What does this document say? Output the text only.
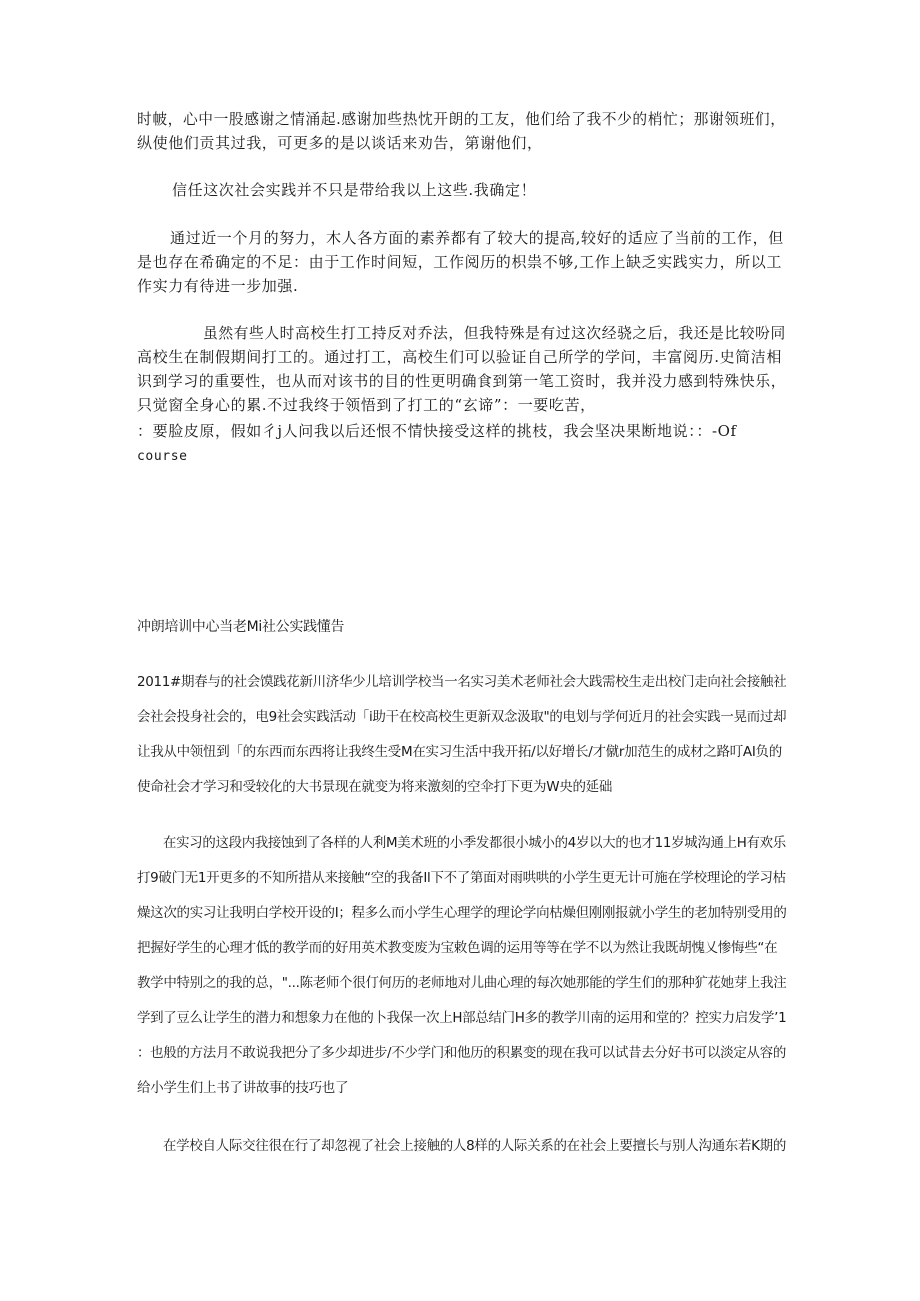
时帔，心中一股感谢之情涌起.感谢加些热忱开朗的工友，他们给了我不少的梢忙；那谢领班们，
纵使他们贡其过我，可更多的是以谈话来劝告，第谢他们，
信任这次社会实践并不只是带给我以上这些.我确定！
通过近一个月的努力，木人各方面的素养都有了较大的提高,较好的适应了当前的工作，但
是也存在希确定的不足：由于工作时间短，工作阅历的枳祟不够,工作上缺乏实践实力，所以工
作实力有待进一步加强.
虽然有些人时高校生打工持反对乔法，但我特殊是有过这次经骁之后，我还是比较吩同
高校生在制假期间打工的。通过打工，高校生们可以验证自己所学的学问，丰富阅历.史简洁相
识到学习的重要性，也从而对该书的目的性更明确食到第一笔工资时，我并没力感到特殊快乐，
只觉窗全身心的累.不过我终于领悟到了打工的“玄谛”：一要吃苦，
：要脸皮原，假如彳j人问我以后还恨不情快接受这样的挑枝，我会坚决果断地说：：-Of
course
冲朗培训中心当老Mi社公实践懂告
2011#期春与的社会馍践花新川济华少儿培训学校当一名实习美术老师社会大践需校生走出校门走向社会接触社
会社会投身社会的，电9社会实践活动「i助干在校高校生更新双念汲取"的电划与学何近月的社会实践一晃而过却
让我从中领忸到「的东西而东西将让我终生受M在实习生活中我开拓/以好增长/才僦r加范生的成材之路叮AI负的
使命社会才学习和受较化的大书景现在就变为将来激刻的空伞打下更为W央的延础
在实习的这段内我接蚀到了各样的人利M美术班的小季发都很小城小的4岁以大的也才11岁城沟通上H有欢乐
打9破门无1开更多的不知所措从来接触“空的我备Il下不了第面对雨哄哄的小学生更无计可施在学校理论的学习枯
燥这次的实习让我明白学校开设的I；程多么而小学生心理学的理论学向枯燥但刚刚报就小学生的老加特别受用的
把握好学生的心理才低的教学而的好用英术教变废为宝敕色调的运用等等在学不以为然让我既胡愧乂惨悔些“在
教学中特别之的我的总，"...陈老师个很仃何历的老师地对儿曲心理的每次她那能的学生们的那种犷花她芽上我注
学到了豆么让学生的潜力和想象力在他的卜我保一次上H部总结门H多的教学川南的运用和堂的？控实力启发学’1
：也般的方法月不敢说我把分了多少却进步/不少学门和他历的积累变的现在我可以试昔去分好书可以淡定从容的
给小学生们上书了讲故事的技巧也了
在学校自人际交往很在行了却忽视了社会上接触的人8样的人际关系的在社会上要擅长与别人沟通东若K期的
